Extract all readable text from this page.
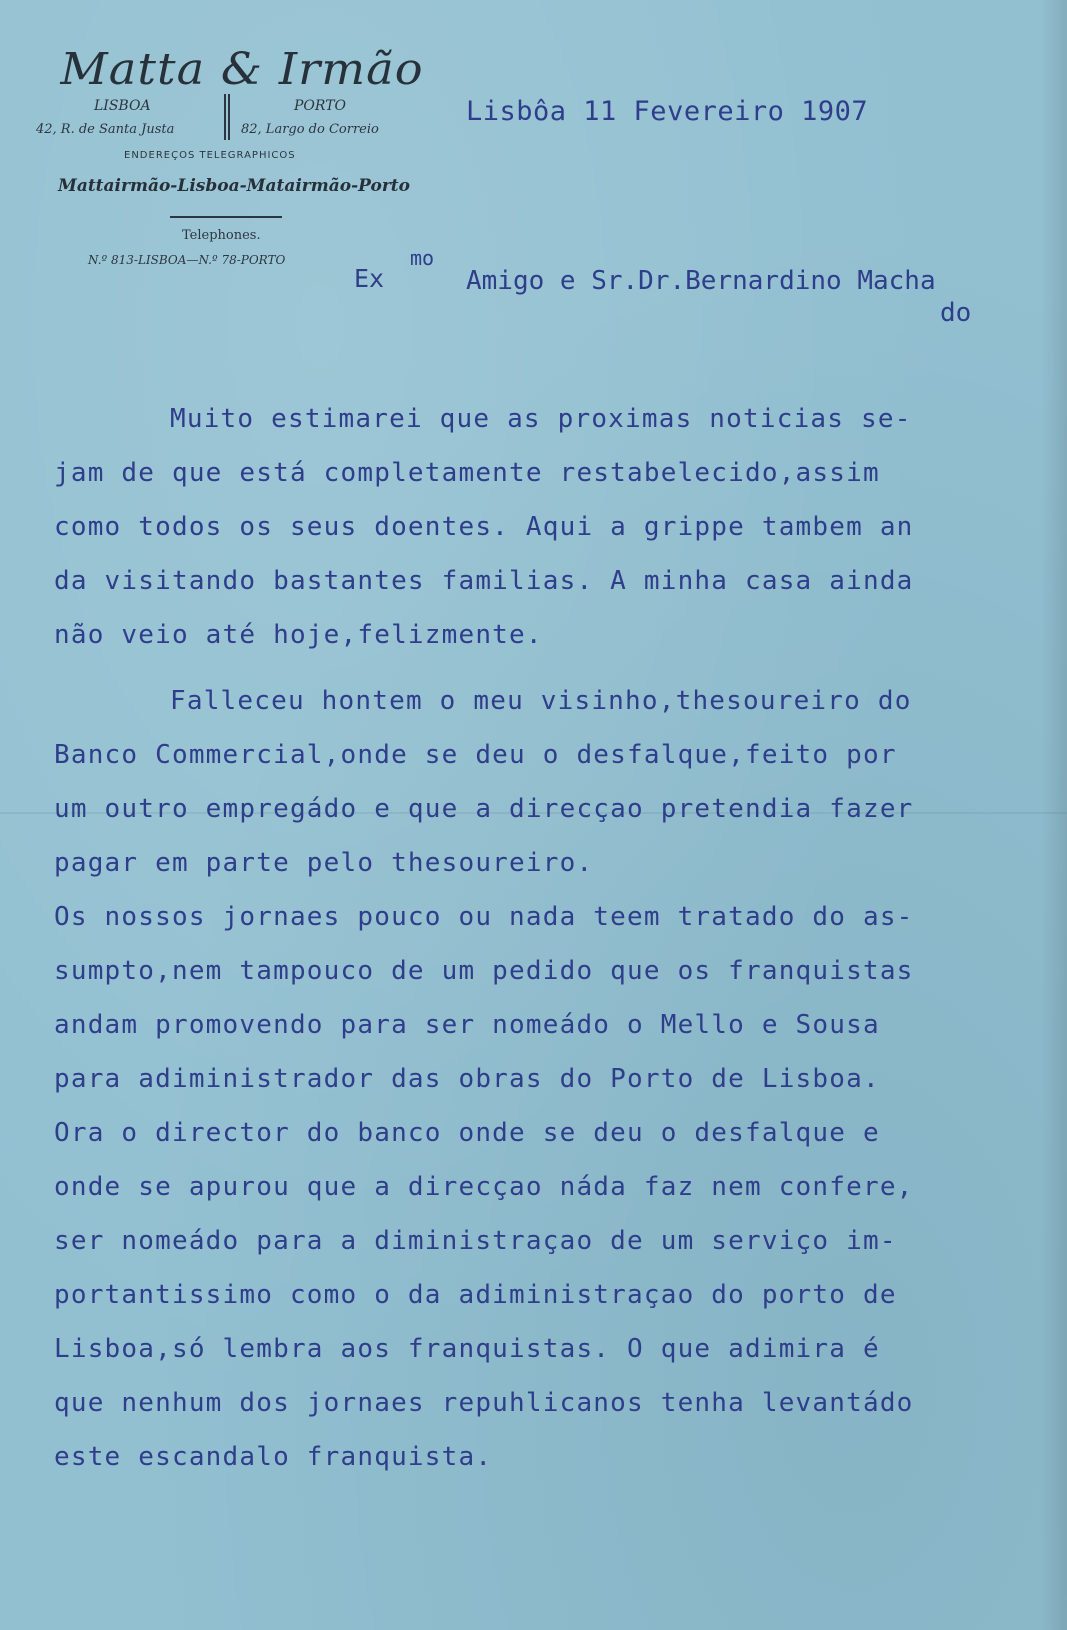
Matta & Irmão
LISBOA	PORTO
42, R. de Santa Justa	82, Largo do Correio
ENDEREÇOS TELEGRAPHICOS
Mattairmão-Lisboa-Matairmão-Porto
Telephones.
N.º 813-LISBOA—N.º 78-PORTO
Lisbôa 11 Fevereiro 1907
Ex
mo
Amigo e Sr.Dr.Bernardino Macha
do
Muito estimarei que as proximas noticias se-
jam de que está completamente restabelecido,assim
como todos os seus doentes. Aqui a grippe tambem an
da visitando bastantes familias. A minha casa ainda
não veio até hoje,felizmente.
Falleceu hontem o meu visinho,thesoureiro do
Banco Commercial,onde se deu o desfalque,feito por
um outro empregádo e que a direcçao pretendia fazer
pagar em parte pelo thesoureiro.
Os nossos jornaes pouco ou nada teem tratado do as-
sumpto,nem tampouco de um pedido que os franquistas
andam promovendo para ser nomeádo o Mello e Sousa
para adiministrador das obras do Porto de Lisboa.
Ora o director do banco onde se deu o desfalque e
onde se apurou que a direcçao náda faz nem confere,
ser nomeádo para a diministraçao de um serviço im-
portantissimo como o da adiministraçao do porto de
Lisboa,só lembra aos franquistas. O que adimira é
que nenhum dos jornaes repuhlicanos tenha levantádo
este escandalo franquista.
